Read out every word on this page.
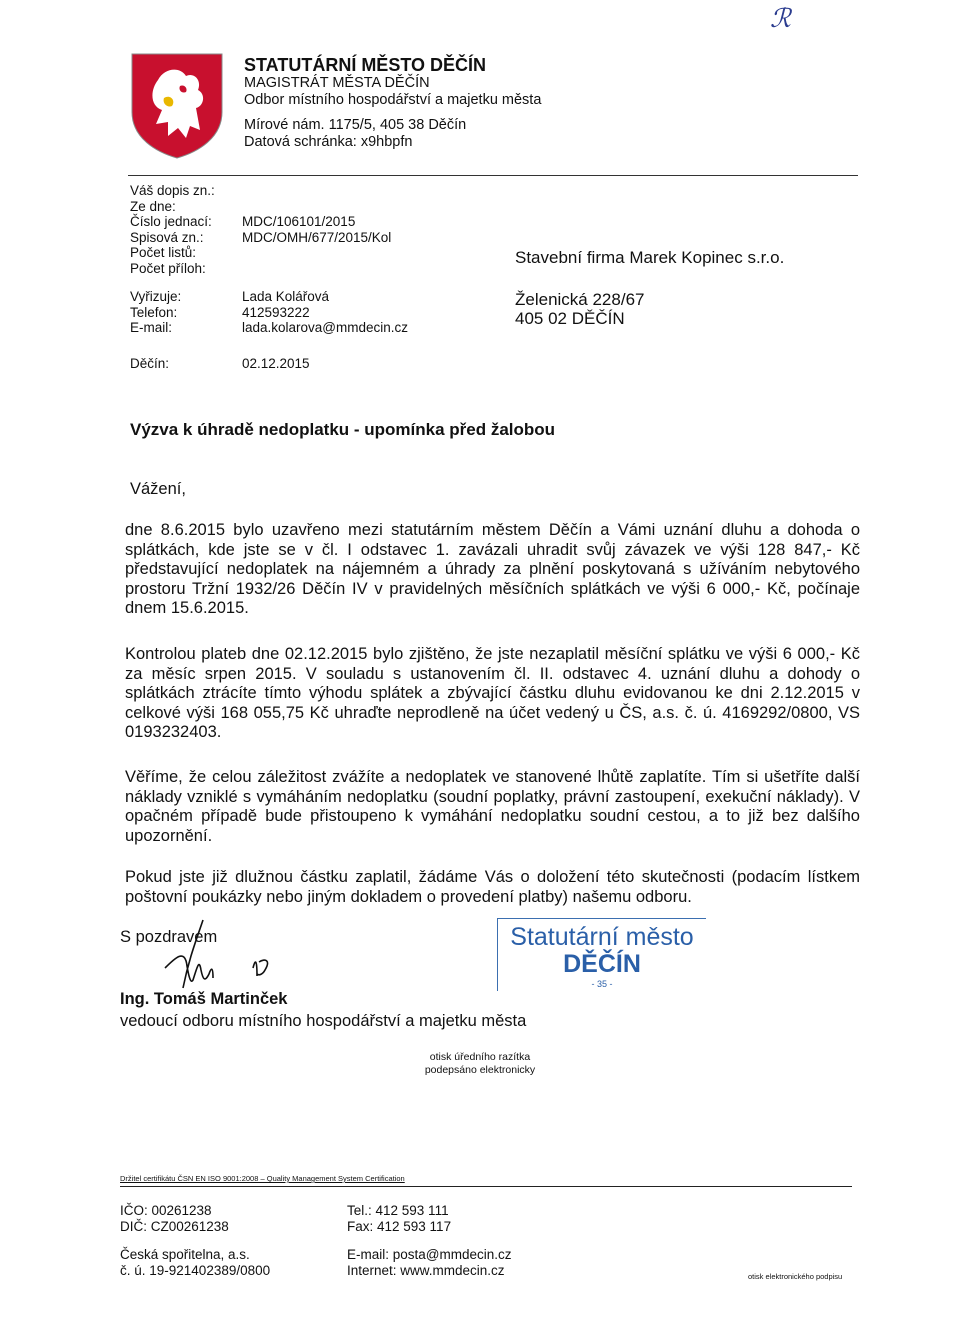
ℛ
STATUTÁRNÍ MĚSTO DĚČÍN
MAGISTRÁT MĚSTA DĚČÍN
Odbor místního hospodářství a majetku města
Mírové nám. 1175/5, 405 38 Děčín
Datová schránka: x9hbpfn
Váš dopis zn.:
Ze dne:
Číslo jednací:	MDC/106101/2015
Spisová zn.:	MDC/OMH/677/2015/Kol
Počet listů:
Počet příloh:
Vyřizuje:	Lada Kolářová
Telefon:	412593222
E-mail:	lada.kolarova@mmdecin.cz
Děčín:	02.12.2015
Stavební firma Marek Kopinec s.r.o.
Želenická 228/67
405 02 DĚČÍN
Výzva k úhradě nedoplatku - upomínka před žalobou
Vážení,
dne 8.6.2015 bylo uzavřeno mezi statutárním městem Děčín a Vámi uznání dluhu a dohoda o splátkách, kde jste se v čl. I odstavec 1. zavázali uhradit svůj závazek ve výši 128 847,- Kč představující nedoplatek na nájemném a úhrady za plnění poskytovaná s užíváním nebytového prostoru Tržní 1932/26 Děčín IV v pravidelných měsíčních splátkách ve výši 6 000,- Kč, počínaje dnem 15.6.2015.
Kontrolou plateb dne 02.12.2015 bylo zjištěno, že jste nezaplatil měsíční splátku ve výši 6 000,- Kč za měsíc srpen 2015. V souladu s ustanovením čl. II. odstavec 4. uznání dluhu a dohody o splátkách ztrácíte tímto výhodu splátek a zbývající částku dluhu evidovanou ke dni 2.12.2015 v celkové výši 168 055,75 Kč uhraďte neprodleně na účet vedený u ČS, a.s. č. ú. 4169292/0800, VS 0193232403.
Věříme, že celou záležitost zvážíte a nedoplatek ve stanovené lhůtě zaplatíte. Tím si ušetříte další náklady vzniklé s vymáháním nedoplatku (soudní poplatky, právní zastoupení, exekuční náklady). V opačném případě bude přistoupeno k vymáhání nedoplatku soudní cestou, a to již bez dalšího upozornění.
Pokud jste již dlužnou částku zaplatil, žádáme Vás o doložení této skutečnosti (podacím lístkem poštovní poukázky nebo jiným dokladem o provedení platby) našemu odboru.
S pozdravem
Ing. Tomáš Martinček
vedoucí odboru místního hospodářství a majetku města
Statutární město
DĚČÍN
- 35 -
otisk úředního razítka
podepsáno elektronicky
Držitel certifikátu ČSN EN ISO 9001:2008 – Quality Management System Certification
IČO: 00261238
DIČ: CZ00261238
Česká spořitelna, a.s.
č. ú. 19-921402389/0800
Tel.: 412 593 111
Fax: 412 593 117
E-mail: posta@mmdecin.cz
Internet: www.mmdecin.cz	otisk elektronického podpisu
